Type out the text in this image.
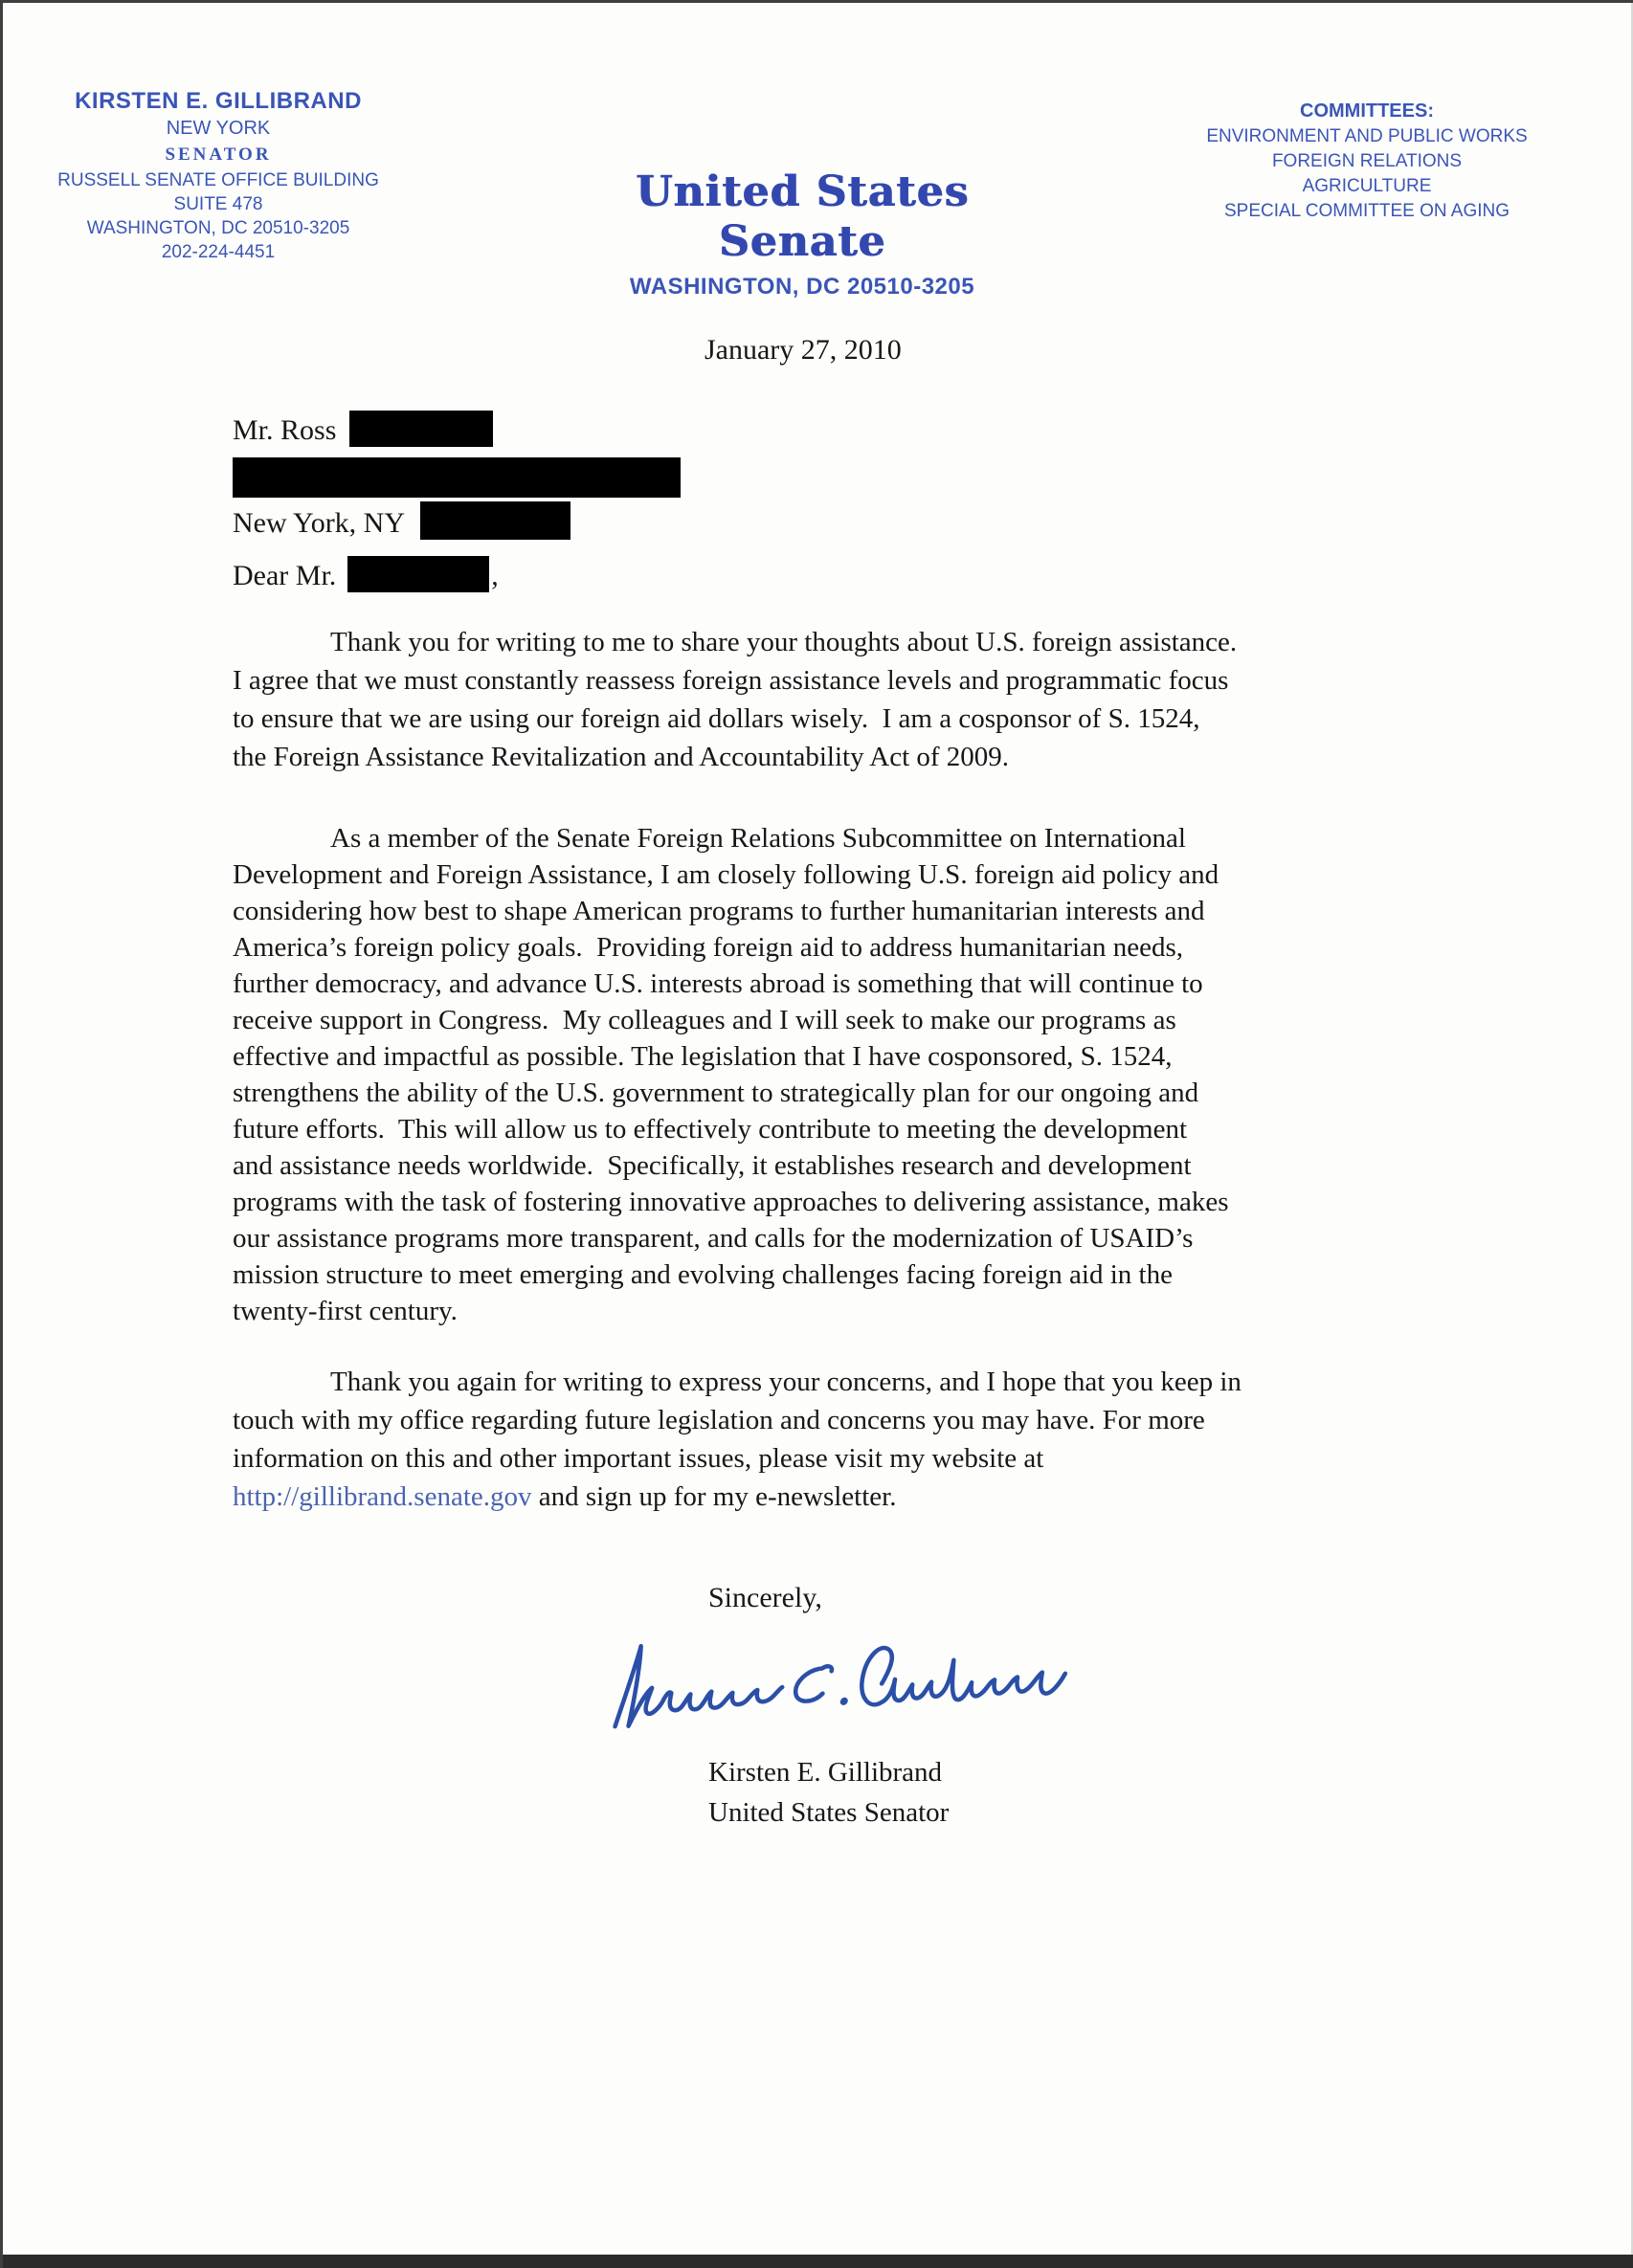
KIRSTEN E. GILLIBRAND
NEW YORK
SENATOR
RUSSELL SENATE OFFICE BUILDING
SUITE 478
WASHINGTON, DC 20510-3205
202-224-4451
United States Senate
WASHINGTON, DC 20510-3205
COMMITTEES:
ENVIRONMENT AND PUBLIC WORKS
FOREIGN RELATIONS
AGRICULTURE
SPECIAL COMMITTEE ON AGING
January 27, 2010
Mr. Ross
New York, NY
Dear Mr.	,
Thank you for writing to me to share your thoughts about U.S. foreign assistance.
I agree that we must constantly reassess foreign assistance levels and programmatic focus
to ensure that we are using our foreign aid dollars wisely.  I am a cosponsor of S. 1524,
the Foreign Assistance Revitalization and Accountability Act of 2009.
As a member of the Senate Foreign Relations Subcommittee on International
Development and Foreign Assistance, I am closely following U.S. foreign aid policy and
considering how best to shape American programs to further humanitarian interests and
America’s foreign policy goals.  Providing foreign aid to address humanitarian needs,
further democracy, and advance U.S. interests abroad is something that will continue to
receive support in Congress.  My colleagues and I will seek to make our programs as
effective and impactful as possible. The legislation that I have cosponsored, S. 1524,
strengthens the ability of the U.S. government to strategically plan for our ongoing and
future efforts.  This will allow us to effectively contribute to meeting the development
and assistance needs worldwide.  Specifically, it establishes research and development
programs with the task of fostering innovative approaches to delivering assistance, makes
our assistance programs more transparent, and calls for the modernization of USAID’s
mission structure to meet emerging and evolving challenges facing foreign aid in the
twenty-first century.
Thank you again for writing to express your concerns, and I hope that you keep in
touch with my office regarding future legislation and concerns you may have. For more
information on this and other important issues, please visit my website at
http://gillibrand.senate.gov and sign up for my e-newsletter.
Sincerely,
Kirsten E. Gillibrand
United States Senator
